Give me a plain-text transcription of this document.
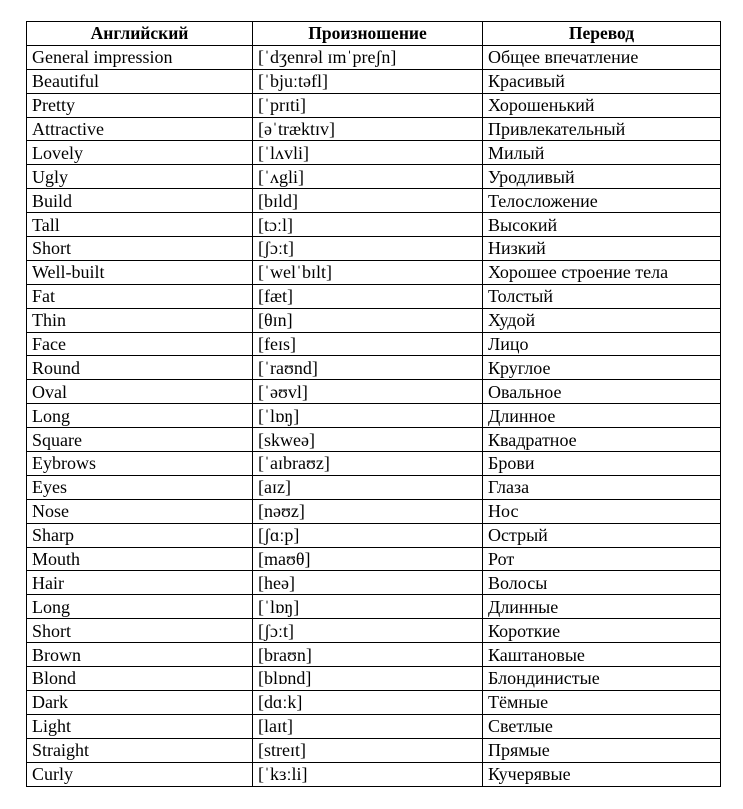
Английский	Произношение	Перевод
General impression	[ˈdʒenrəl ɪmˈpreʃn]	Общее впечатление
Beautiful	[ˈbjuːtəfl]	Красивый
Pretty	[ˈprɪti]	Хорошенький
Attractive	[əˈtræktɪv]	Привлекательный
Lovely	[ˈlʌvli]	Милый
Ugly	[ˈʌgli]	Уродливый
Build	[bɪld]	Телосложение
Tall	[tɔːl]	Высокий
Short	[ʃɔːt]	Низкий
Well-built	[ˈwelˈbɪlt]	Хорошее строение тела
Fat	[fæt]	Толстый
Thin	[θɪn]	Худой
Face	[feɪs]	Лицо
Round	[ˈraʊnd]	Круглое
Oval	[ˈəʊvl]	Овальное
Long	[ˈlɒŋ]	Длинное
Square	[skweə]	Квадратное
Eybrows	[ˈaɪbraʊz]	Брови
Eyes	[aɪz]	Глаза
Nose	[nəʊz]	Нос
Sharp	[ʃɑːp]	Острый
Mouth	[maʊθ]	Рот
Hair	[heə]	Волосы
Long	[ˈlɒŋ]	Длинные
Short	[ʃɔːt]	Короткие
Brown	[braʊn]	Каштановые
Blond	[blɒnd]	Блондинистые
Dark	[dɑːk]	Тёмные
Light	[laɪt]	Светлые
Straight	[streɪt]	Прямые
Curly	[ˈkɜːli]	Кучерявые
